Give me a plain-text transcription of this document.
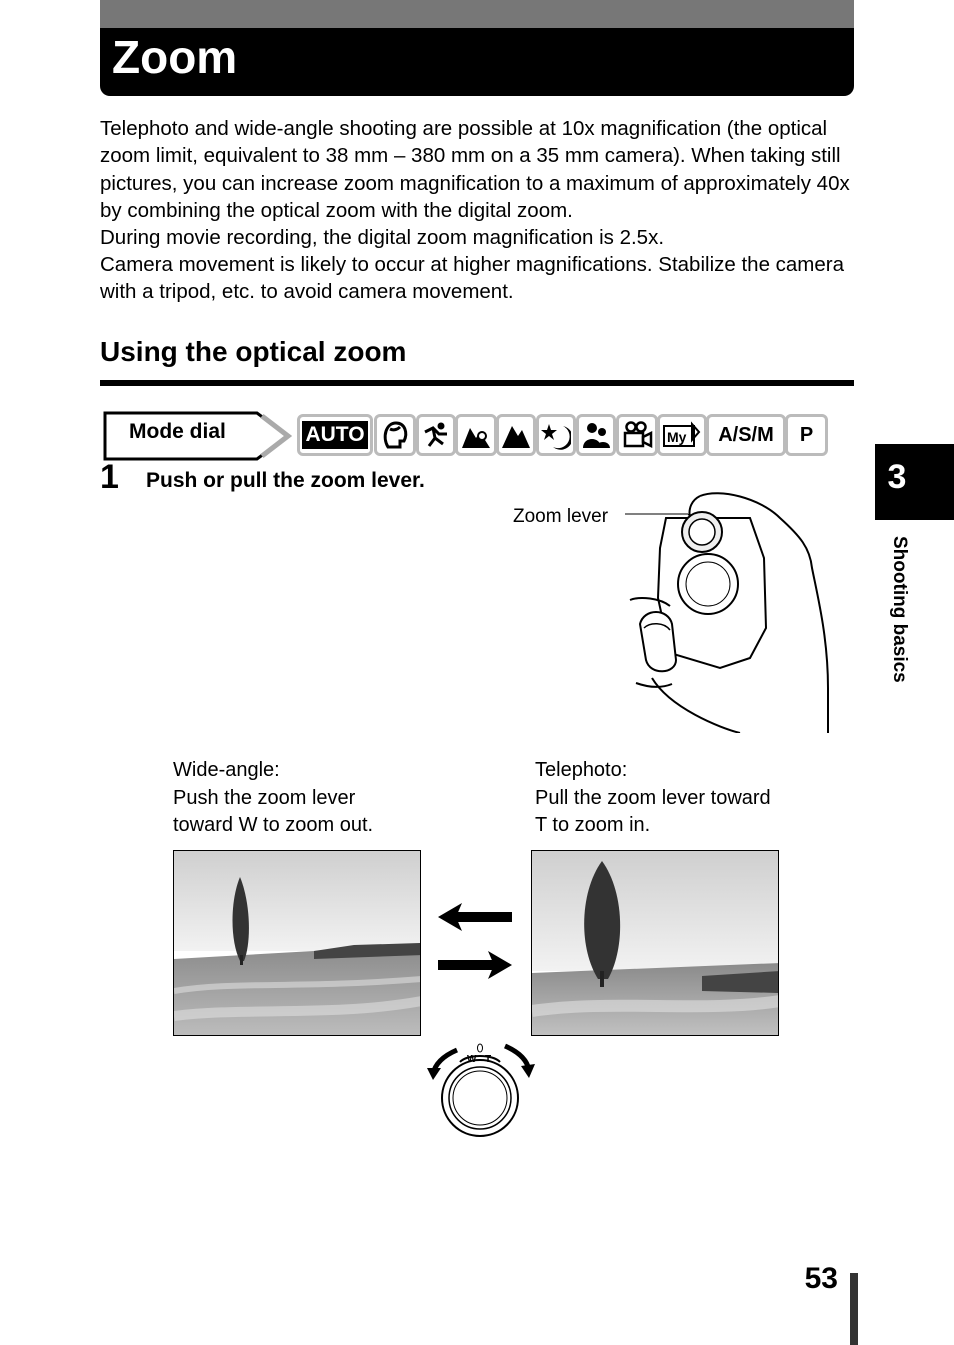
Zoom
Telephoto and wide-angle shooting are possible at 10x magnification (the optical zoom limit, equivalent to 38 mm – 380 mm on a 35 mm camera). When taking still pictures, you can increase zoom magnification to a maximum of approximately 40x by combining the optical zoom with the digital zoom.
During movie recording, the digital zoom magnification is 2.5x.
Camera movement is likely to occur at higher magnifications. Stabilize the camera with a tripod, etc. to avoid camera movement.
Using the optical zoom
Mode dial	AUTO	My A/S/M P
1 Push or pull the zoom lever.
Zoom lever
3
Shooting basics
Wide-angle:
Push the zoom lever
toward W to zoom out.
Telephoto:
Pull the zoom lever toward
T to zoom in.
W T
53
